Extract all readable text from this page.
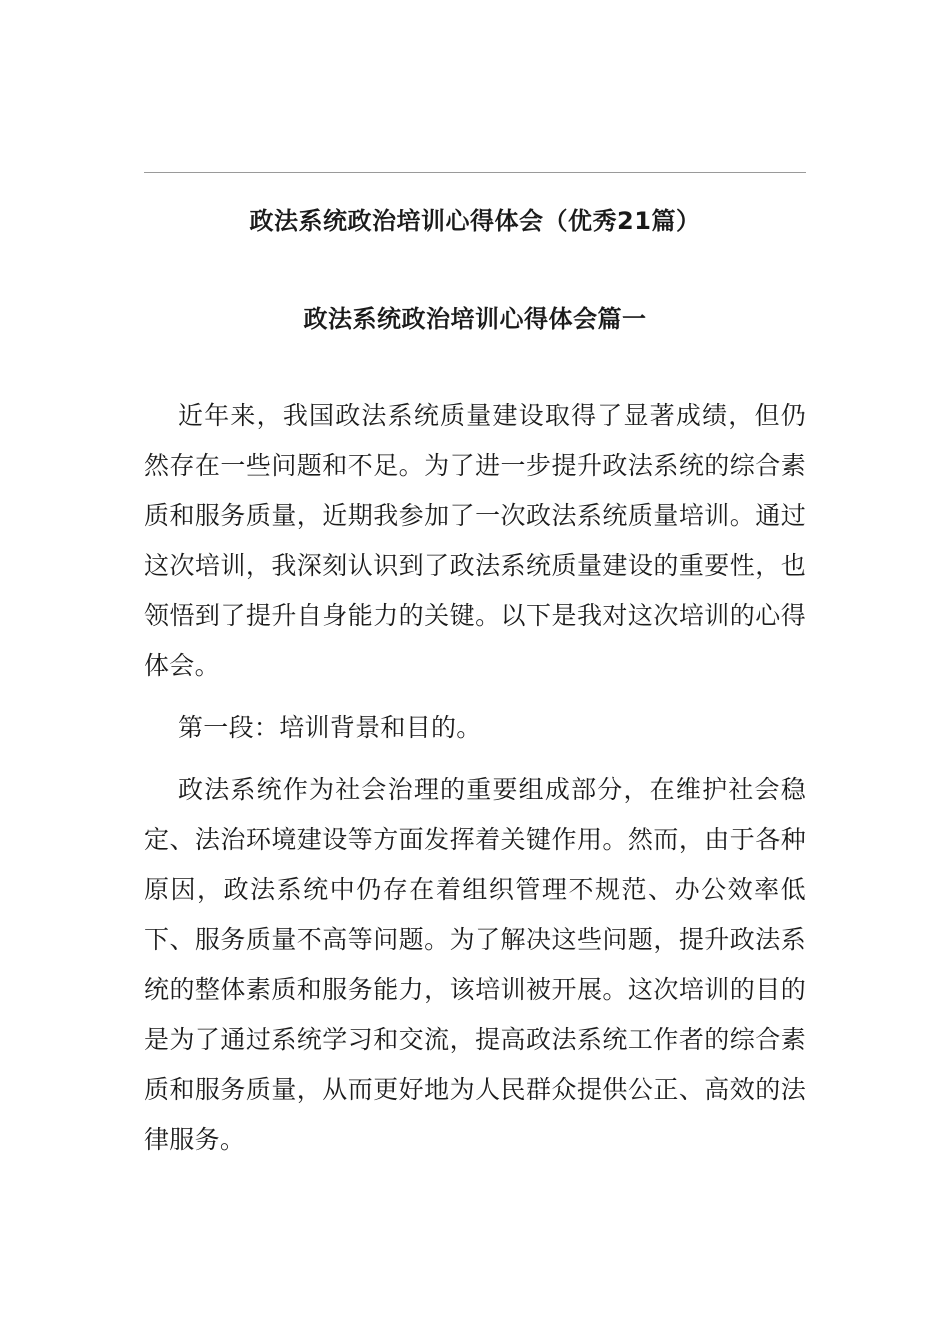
政法系统政治培训心得体会（优秀21篇）
政法系统政治培训心得体会篇一

近年来，我国政法系统质量建设取得了显著成绩，但仍然存在一些问题和不足。为了进一步提升政法系统的综合素质和服务质量，近期我参加了一次政法系统质量培训。通过这次培训，我深刻认识到了政法系统质量建设的重要性，也领悟到了提升自身能力的关键。以下是我对这次培训的心得体会。

第一段：培训背景和目的。

政法系统作为社会治理的重要组成部分，在维护社会稳定、法治环境建设等方面发挥着关键作用。然而，由于各种原因，政法系统中仍存在着组织管理不规范、办公效率低下、服务质量不高等问题。为了解决这些问题，提升政法系统的整体素质和服务能力，该培训被开展。这次培训的目的是为了通过系统学习和交流，提高政法系统工作者的综合素质和服务质量，从而更好地为人民群众提供公正、高效的法律服务。
